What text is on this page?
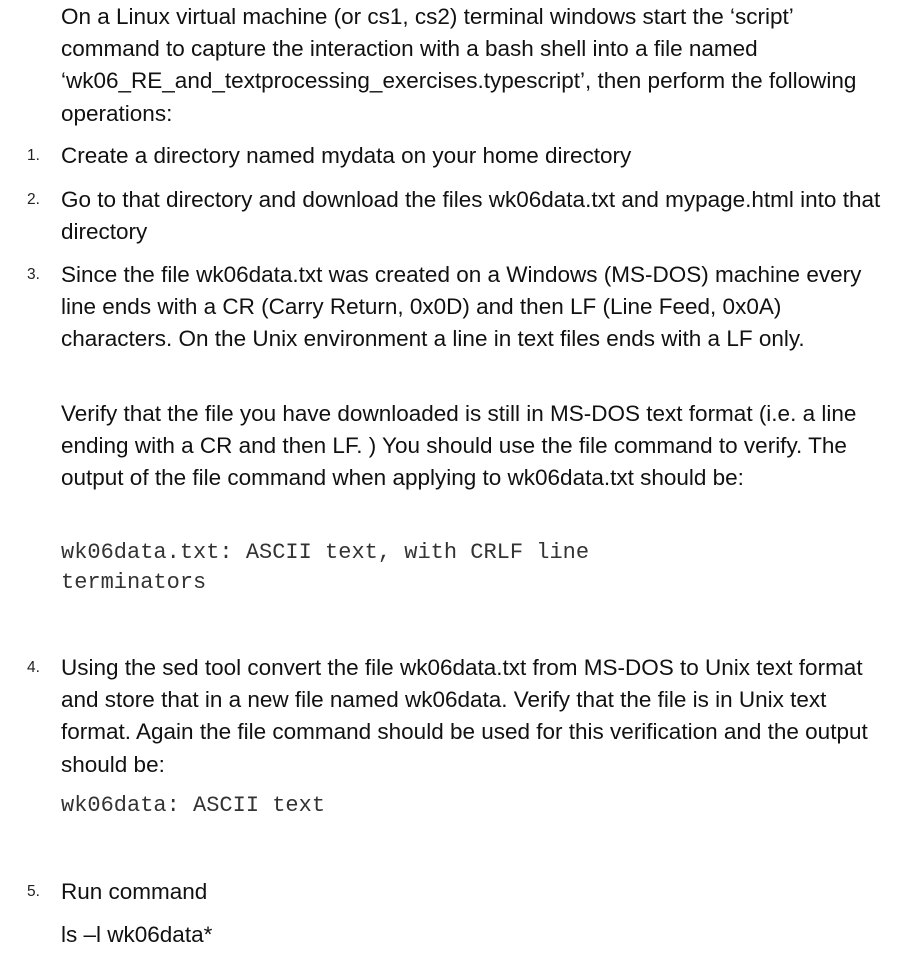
On a Linux virtual machine (or cs1, cs2) terminal windows start the ‘script’ command to capture the interaction with a bash shell into a file named ‘wk06_RE_and_textprocessing_exercises.typescript’, then perform the following operations:

1. Create a directory named mydata on your home directory

2. Go to that directory and download the files wk06data.txt and mypage.html into that directory

3. Since the file wk06data.txt was created on a Windows (MS-DOS) machine every line ends with a CR (Carry Return, 0x0D) and then LF (Line Feed, 0x0A) characters. On the Unix environment a line in text files ends with a LF only.

Verify that the file you have downloaded is still in MS-DOS text format (i.e. a line ending with a CR and then LF. ) You should use the file command to verify. The output of the file command when applying to wk06data.txt should be:

wk06data.txt: ASCII text, with CRLF line terminators
4. Using the sed tool convert the file wk06data.txt from MS-DOS to Unix text format and store that in a new file named wk06data. Verify that the file is in Unix text format. Again the file command should be used for this verification and the output should be:

wk06data: ASCII text
5. Run command

ls –l wk06data*
